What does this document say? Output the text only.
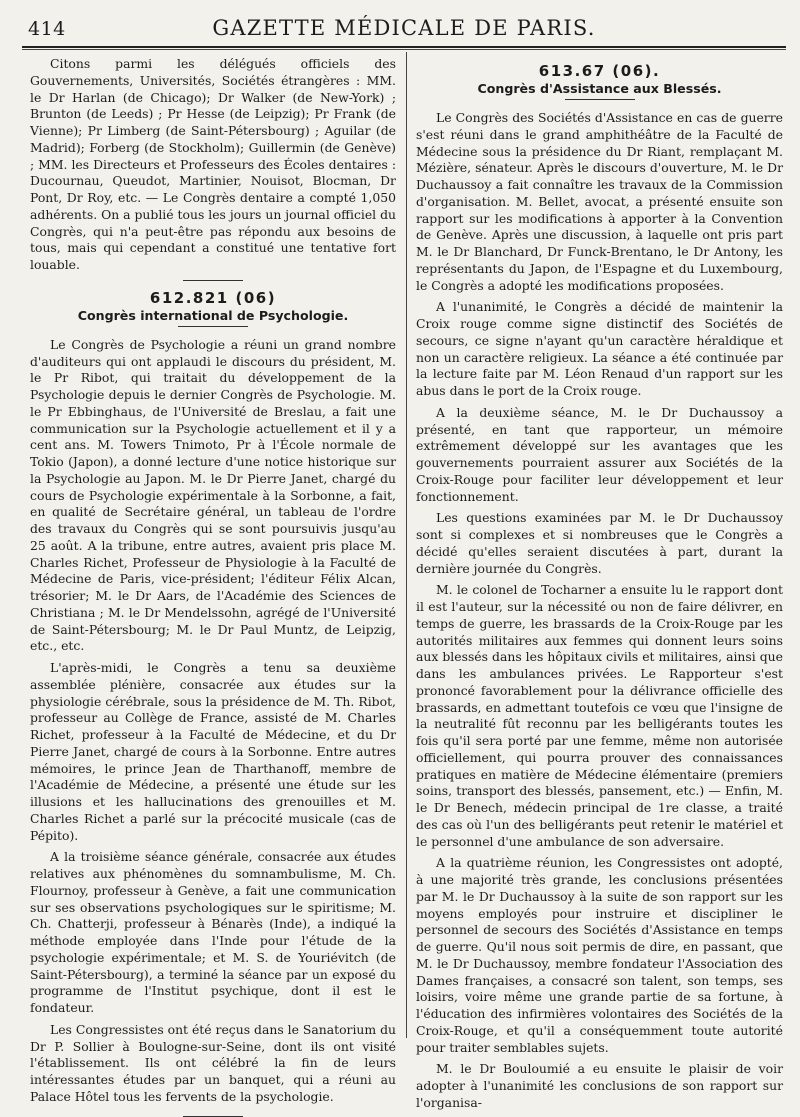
414	GAZETTE MÉDICALE DE PARIS.

Citons parmi les délégués officiels des Gouvernements, Universités, Sociétés étrangères : MM. le Dr Harlan (de Chicago); Dr Walker (de New-York) ; Brunton (de Leeds) ; Pr Hesse (de Leipzig); Pr Frank (de Vienne); Pr Limberg (de Saint-Pétersbourg) ; Aguilar (de Madrid); Forberg (de Stockholm); Guillermin (de Genève) ; MM. les Directeurs et Professeurs des Écoles dentaires : Ducournau, Queudot, Martinier, Nouisot, Blocman, Dr Pont, Dr Roy, etc. — Le Congrès dentaire a compté 1,050 adhérents. On a publié tous les jours un journal officiel du Congrès, qui n'a peut-être pas répondu aux besoins de tous, mais qui cependant a constitué une tentative fort louable.

612.821 (06)
Congrès international de Psychologie.

Le Congrès de Psychologie a réuni un grand nombre d'auditeurs qui ont applaudi le discours du président, M. le Pr Ribot, qui traitait du développement de la Psychologie depuis le dernier Congrès de Psychologie. M. le Pr Ebbinghaus, de l'Université de Breslau, a fait une communication sur la Psychologie actuellement et il y a cent ans. M. Towers Tnimoto, Pr à l'École normale de Tokio (Japon), a donné lecture d'une notice historique sur la Psychologie au Japon. M. le Dr Pierre Janet, chargé du cours de Psychologie expérimentale à la Sorbonne, a fait, en qualité de Secrétaire général, un tableau de l'ordre des travaux du Congrès qui se sont poursuivis jusqu'au 25 août. A la tribune, entre autres, avaient pris place M. Charles Richet, Professeur de Physiologie à la Faculté de Médecine de Paris, vice-président; l'éditeur Félix Alcan, trésorier; M. le Dr Aars, de l'Académie des Sciences de Christiana ; M. le Dr Mendelssohn, agrégé de l'Université de Saint-Pétersbourg; M. le Dr Paul Muntz, de Leipzig, etc., etc.

L'après-midi, le Congrès a tenu sa deuxième assemblée plénière, consacrée aux études sur la physiologie cérébrale, sous la présidence de M. Th. Ribot, professeur au Collège de France, assisté de M. Charles Richet, professeur à la Faculté de Médecine, et du Dr Pierre Janet, chargé de cours à la Sorbonne. Entre autres mémoires, le prince Jean de Tharthanoff, membre de l'Académie de Médecine, a présenté une étude sur les illusions et les hallucinations des grenouilles et M. Charles Richet a parlé sur la précocité musicale (cas de Pépito).

A la troisième séance générale, consacrée aux études relatives aux phénomènes du somnambulisme, M. Ch. Flournoy, professeur à Genève, a fait une communication sur ses observations psychologiques sur le spiritisme; M. Ch. Chatterji, professeur à Bénarès (Inde), a indiqué la méthode employée dans l'Inde pour l'étude de la psychologie expérimentale; et M. S. de Youriévitch (de Saint-Pétersbourg), a terminé la séance par un exposé du programme de l'Institut psychique, dont il est le fondateur.

Les Congressistes ont été reçus dans le Sanatorium du Dr P. Sollier à Boulogne-sur-Seine, dont ils ont visité l'établissement. Ils ont célébré la fin de leurs intéressantes études par un banquet, qui a réuni au Palace Hôtel tous les fervents de la psychologie.

613.67 (06).
Congrès d'Assistance aux Blessés.

Le Congrès des Sociétés d'Assistance en cas de guerre s'est réuni dans le grand amphithéâtre de la Faculté de Médecine sous la présidence du Dr Riant, remplaçant M. Mézière, sénateur. Après le discours d'ouverture, M. le Dr Duchaussoy a fait connaître les travaux de la Commission d'organisation. M. Bellet, avocat, a présenté ensuite son rapport sur les modifications à apporter à la Convention de Genève. Après une discussion, à laquelle ont pris part M. le Dr Blanchard, Dr Funck-Brentano, le Dr Antony, les représentants du Japon, de l'Espagne et du Luxembourg, le Congrès a adopté les modifications proposées.

A l'unanimité, le Congrès a décidé de maintenir la Croix rouge comme signe distinctif des Sociétés de secours, ce signe n'ayant qu'un caractère héraldique et non un caractère religieux. La séance a été continuée par la lecture faite par M. Léon Renaud d'un rapport sur les abus dans le port de la Croix rouge.

A la deuxième séance, M. le Dr Duchaussoy a présenté, en tant que rapporteur, un mémoire extrêmement développé sur les avantages que les gouvernements pourraient assurer aux Sociétés de la Croix-Rouge pour faciliter leur développement et leur fonctionnement.

Les questions examinées par M. le Dr Duchaussoy sont si complexes et si nombreuses que le Congrès a décidé qu'elles seraient discutées à part, durant la dernière journée du Congrès.

M. le colonel de Tocharner a ensuite lu le rapport dont il est l'auteur, sur la nécessité ou non de faire délivrer, en temps de guerre, les brassards de la Croix-Rouge par les autorités militaires aux femmes qui donnent leurs soins aux blessés dans les hôpitaux civils et militaires, ainsi que dans les ambulances privées. Le Rapporteur s'est prononcé favorablement pour la délivrance officielle des brassards, en admettant toutefois ce vœu que l'insigne de la neutralité fût reconnu par les belligérants toutes les fois qu'il sera porté par une femme, même non autorisée officiellement, qui pourra prouver des connaissances pratiques en matière de Médecine élémentaire (premiers soins, transport des blessés, pansement, etc.) — Enfin, M. le Dr Benech, médecin principal de 1re classe, a traité des cas où l'un des belligérants peut retenir le matériel et le personnel d'une ambulance de son adversaire.

A la quatrième réunion, les Congressistes ont adopté, à une majorité très grande, les conclusions présentées par M. le Dr Duchaussoy à la suite de son rapport sur les moyens employés pour instruire et discipliner le personnel de secours des Sociétés d'Assistance en temps de guerre. Qu'il nous soit permis de dire, en passant, que M. le Dr Duchaussoy, membre fondateur l'Association des Dames françaises, a consacré son talent, son temps, ses loisirs, voire même une grande partie de sa fortune, à l'éducation des infirmières volontaires des Sociétés de la Croix-Rouge, et qu'il a conséquemment toute autorité pour traiter semblables sujets.

M. le Dr Bouloumié a eu ensuite le plaisir de voir adopter à l'unanimité les conclusions de son rapport sur l'organisa-
